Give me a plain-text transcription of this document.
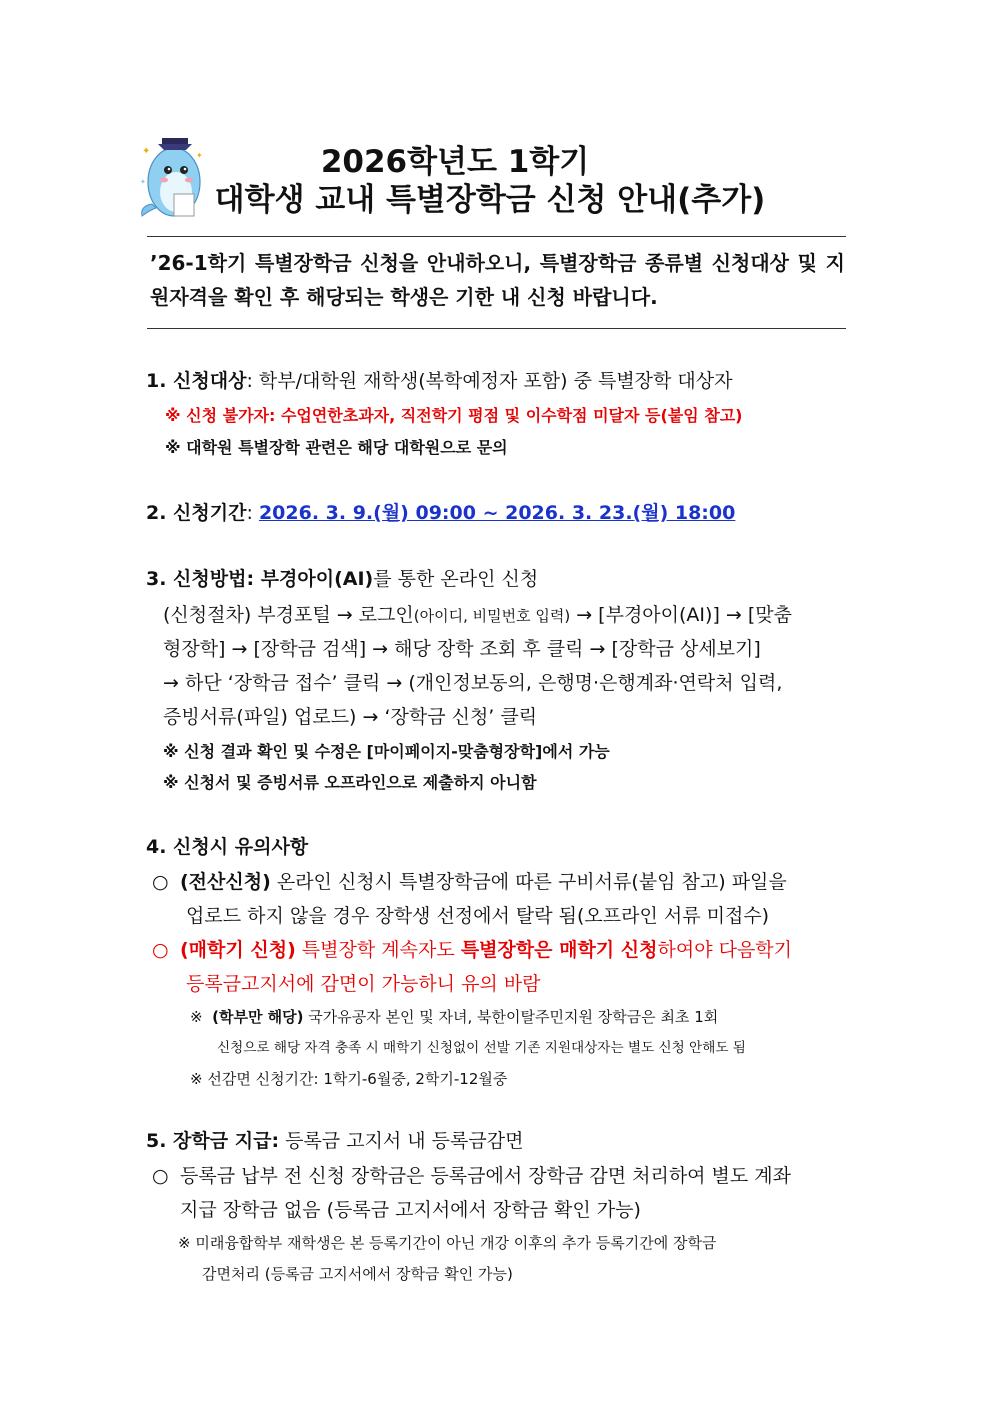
✦	✦
✦
2026학년도 1학기
대학생 교내 특별장학금 신청 안내(추가)
’26-1학기 특별장학금 신청을 안내하오니, 특별장학금 종류별 신청대상 및 지원자격을 확인 후 해당되는 학생은 기한 내 신청 바랍니다.
1. 신청대상: 학부/대학원 재학생(복학예정자 포함) 중 특별장학 대상자
※ 신청 불가자: 수업연한초과자, 직전학기 평점 및 이수학점 미달자 등(붙임 참고)
※ 대학원 특별장학 관련은 해당 대학원으로 문의
2. 신청기간: 2026. 3. 9.(월) 09:00 ~ 2026. 3. 23.(월) 18:00
3. 신청방법: 부경아이(AI)를 통한 온라인 신청
(신청절차) 부경포털 → 로그인(아이디, 비밀번호 입력) → [부경아이(AI)] → [맞춤
형장학] → [장학금 검색] → 해당 장학 조회 후 클릭 → [장학금 상세보기]
→ 하단 ‘장학금 접수’ 클릭 → (개인정보동의, 은행명·은행계좌·연락처 입력,
증빙서류(파일) 업로드) → ‘장학금 신청’ 클릭
※ 신청 결과 확인 및 수정은 [마이페이지-맞춤형장학]에서 가능
※ 신청서 및 증빙서류 오프라인으로 제출하지 아니함
4. 신청시 유의사항
○ (전산신청) 온라인 신청시 특별장학금에 따른 구비서류(붙임 참고) 파일을
업로드 하지 않을 경우 장학생 선정에서 탈락 됨(오프라인 서류 미접수)
○ (매학기 신청) 특별장학 계속자도 특별장학은 매학기 신청하여야 다음학기
등록금고지서에 감면이 가능하니 유의 바람
※ (학부만 해당) 국가유공자 본인 및 자녀, 북한이탈주민지원 장학금은 최초 1회
신청으로 해당 자격 충족 시 매학기 신청없이 선발 기존 지원대상자는 별도 신청 안해도 됨
※ 선감면 신청기간: 1학기-6월중, 2학기-12월중
5. 장학금 지급: 등록금 고지서 내 등록금감면
○ 등록금 납부 전 신청 장학금은 등록금에서 장학금 감면 처리하여 별도 계좌
지급 장학금 없음 (등록금 고지서에서 장학금 확인 가능)
※ 미래융합학부 재학생은 본 등록기간이 아닌 개강 이후의 추가 등록기간에 장학금
감면처리 (등록금 고지서에서 장학금 확인 가능)
